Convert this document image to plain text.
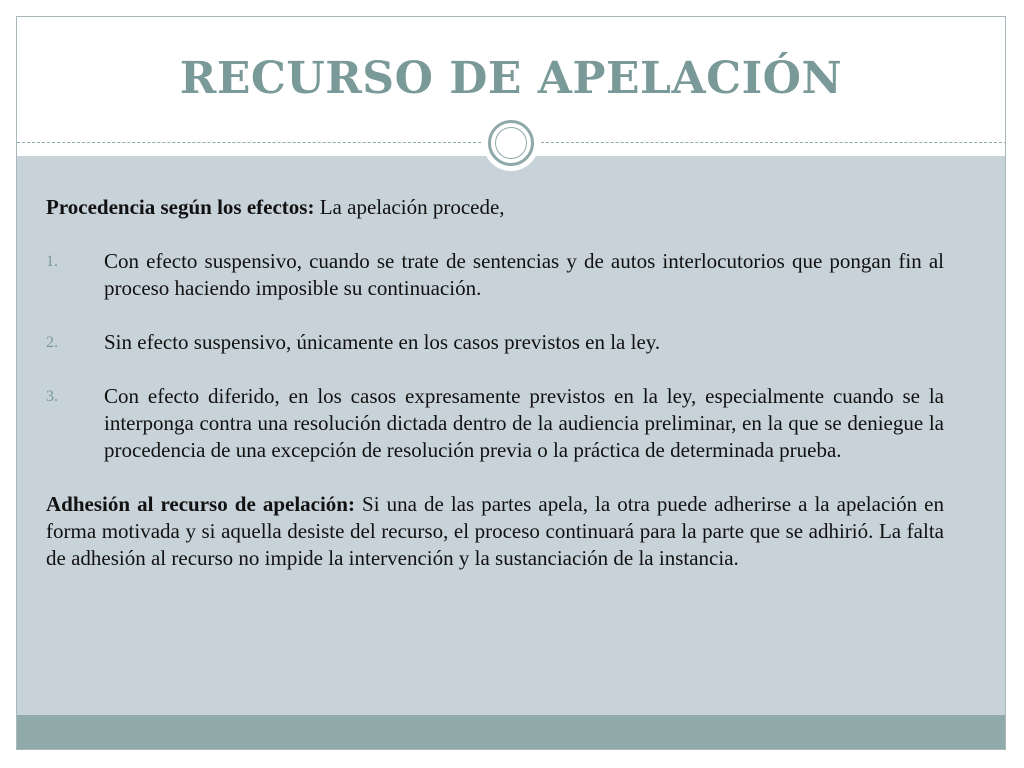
RECURSO DE APELACIÓN

Procedencia según los efectos: La apelación procede,

1. Con efecto suspensivo, cuando se trate de sentencias y de autos interlocutorios que pongan fin al proceso haciendo imposible su continuación.
2. Sin efecto suspensivo, únicamente en los casos previstos en la ley.
3. Con efecto diferido, en los casos expresamente previstos en la ley, especialmente cuando se la interponga contra una resolución dictada dentro de la audiencia preliminar, en la que se deniegue la procedencia de una excepción de resolución previa o la práctica de determinada prueba.

Adhesión al recurso de apelación: Si una de las partes apela, la otra puede adherirse a la apelación en forma motivada y si aquella desiste del recurso, el proceso continuará para la parte que se adhirió. La falta de adhesión al recurso no impide la intervención y la sustanciación de la instancia.
